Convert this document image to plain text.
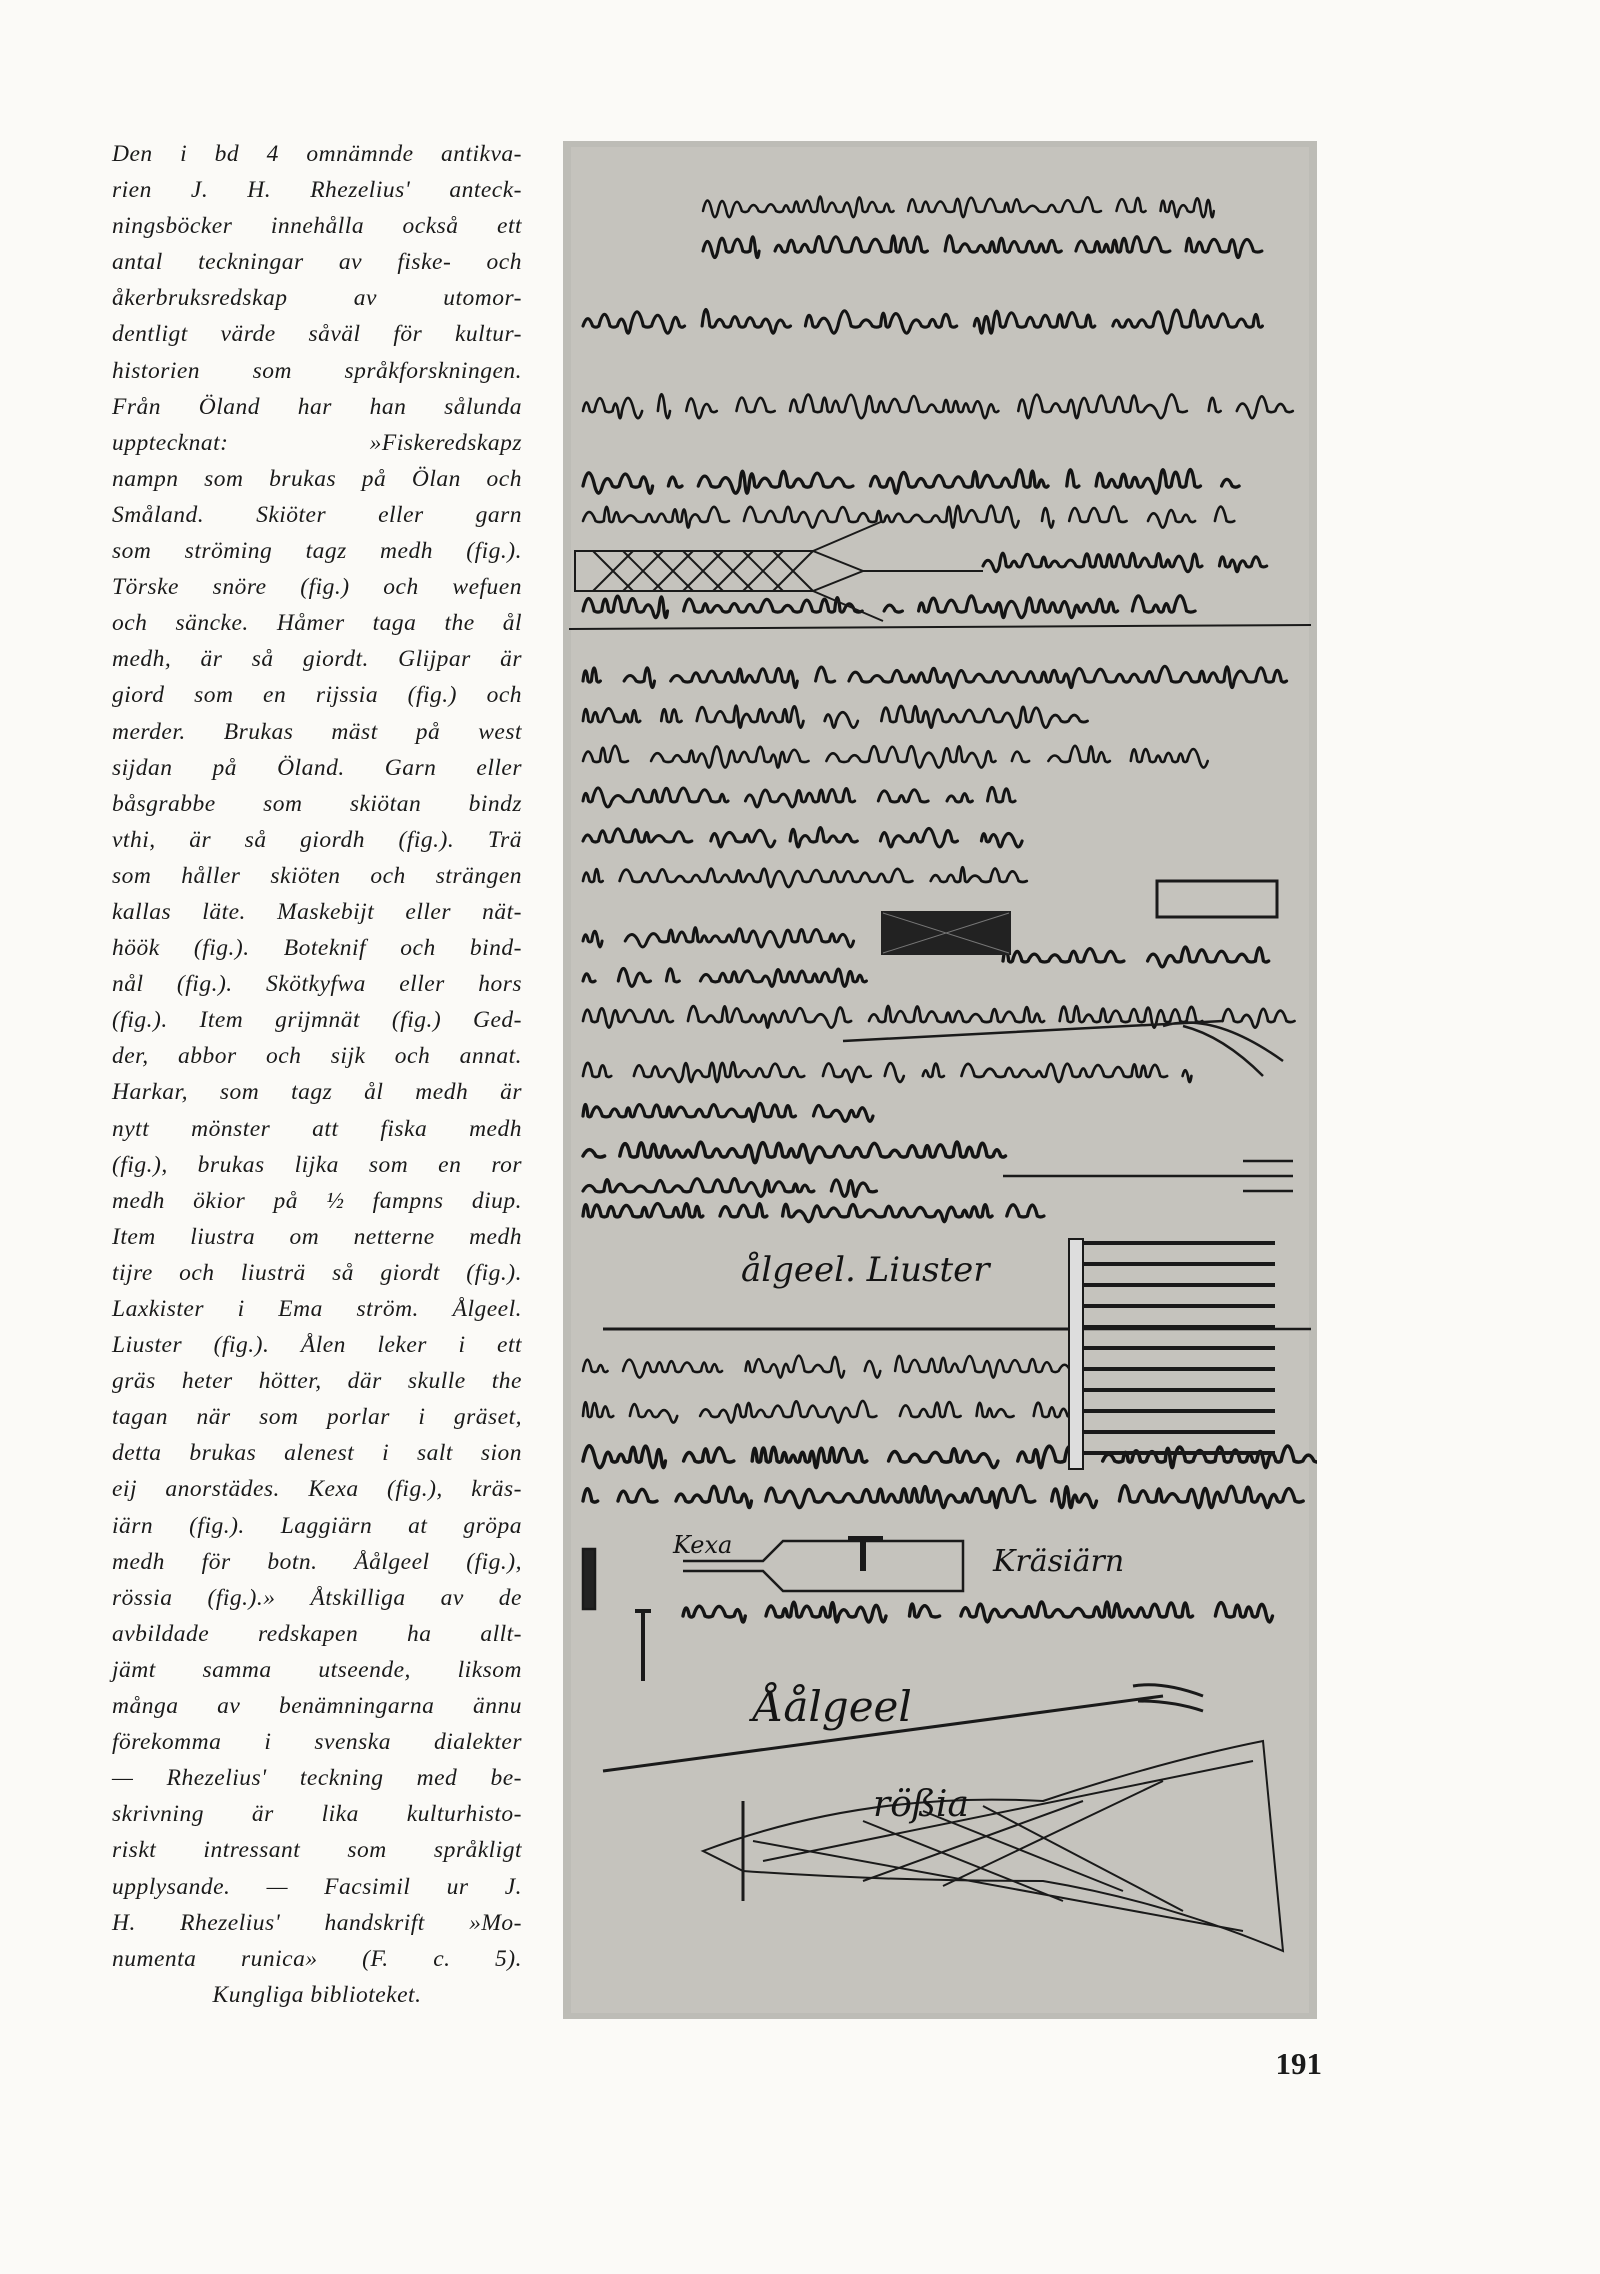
Den i bd 4 omnämnde antikva-
rien J. H. Rhezelius' anteck-
ningsböcker innehålla också ett
antal teckningar av fiske- och
åkerbruksredskap av utomor-
dentligt värde såväl för kultur-
historien som språkforskningen.
Från Öland har han sålunda
upptecknat: »Fiskeredskapz
nampn som brukas på Ölan och
Småland. Skiöter eller garn
som ströming tagz medh (fig.).
Törske snöre (fig.) och wefuen
och sänckе. Håmer taga the ål
medh, är så giordt. Glijpar är
giord som en rijssia (fig.) och
merder. Brukas mäst på west
sijdan på Öland. Garn eller
båsgrabbe som skiötan bindz
vthi, är så giordh (fig.). Trä
som håller skiöten och strängen
kallas läte. Maskebijt eller nät-
höök (fig.). Boteknif och bind-
nål (fig.). Skötkyfwa eller hors
(fig.). Item grijmnät (fig.) Ged-
der, abbor och sijk och annat.
Harkar, som tagz ål medh är
nytt mönster att fiska medh
(fig.), brukas lijka som en ror
medh ökior på ½ fampns diup.
Item liustra om netterne medh
tijre och liusträ så giordt (fig.).
Laxkister i Ema ström. Ålgeel.
Liuster (fig.). Ålen leker i ett
gräs heter hötter, där skulle the
tagan när som porlar i gräset,
detta brukas alenest i salt sion
eij anorstädes. Kexa (fig.), kräs-
iärn (fig.). Laggiärn at gröpa
medh för botn. Åålgeel (fig.),
rössia (fig.).» Åtskilliga av de
avbildade redskapen ha allt-
jämt samma utseende, liksom
många av benämningarna ännu
förekomma i svenska dialekter
— Rhezelius' teckning med be-
skrivning är lika kulturhisto-
riskt intressant som språkligt
upplysande. — Facsimil ur J.
H. Rhezelius' handskrift »Mo-
numenta runica» (F. c. 5).
Kungliga biblioteket.
ålgeel. Liuster
Kexa	Kräsiärn
Åålgeel
rößia
191
